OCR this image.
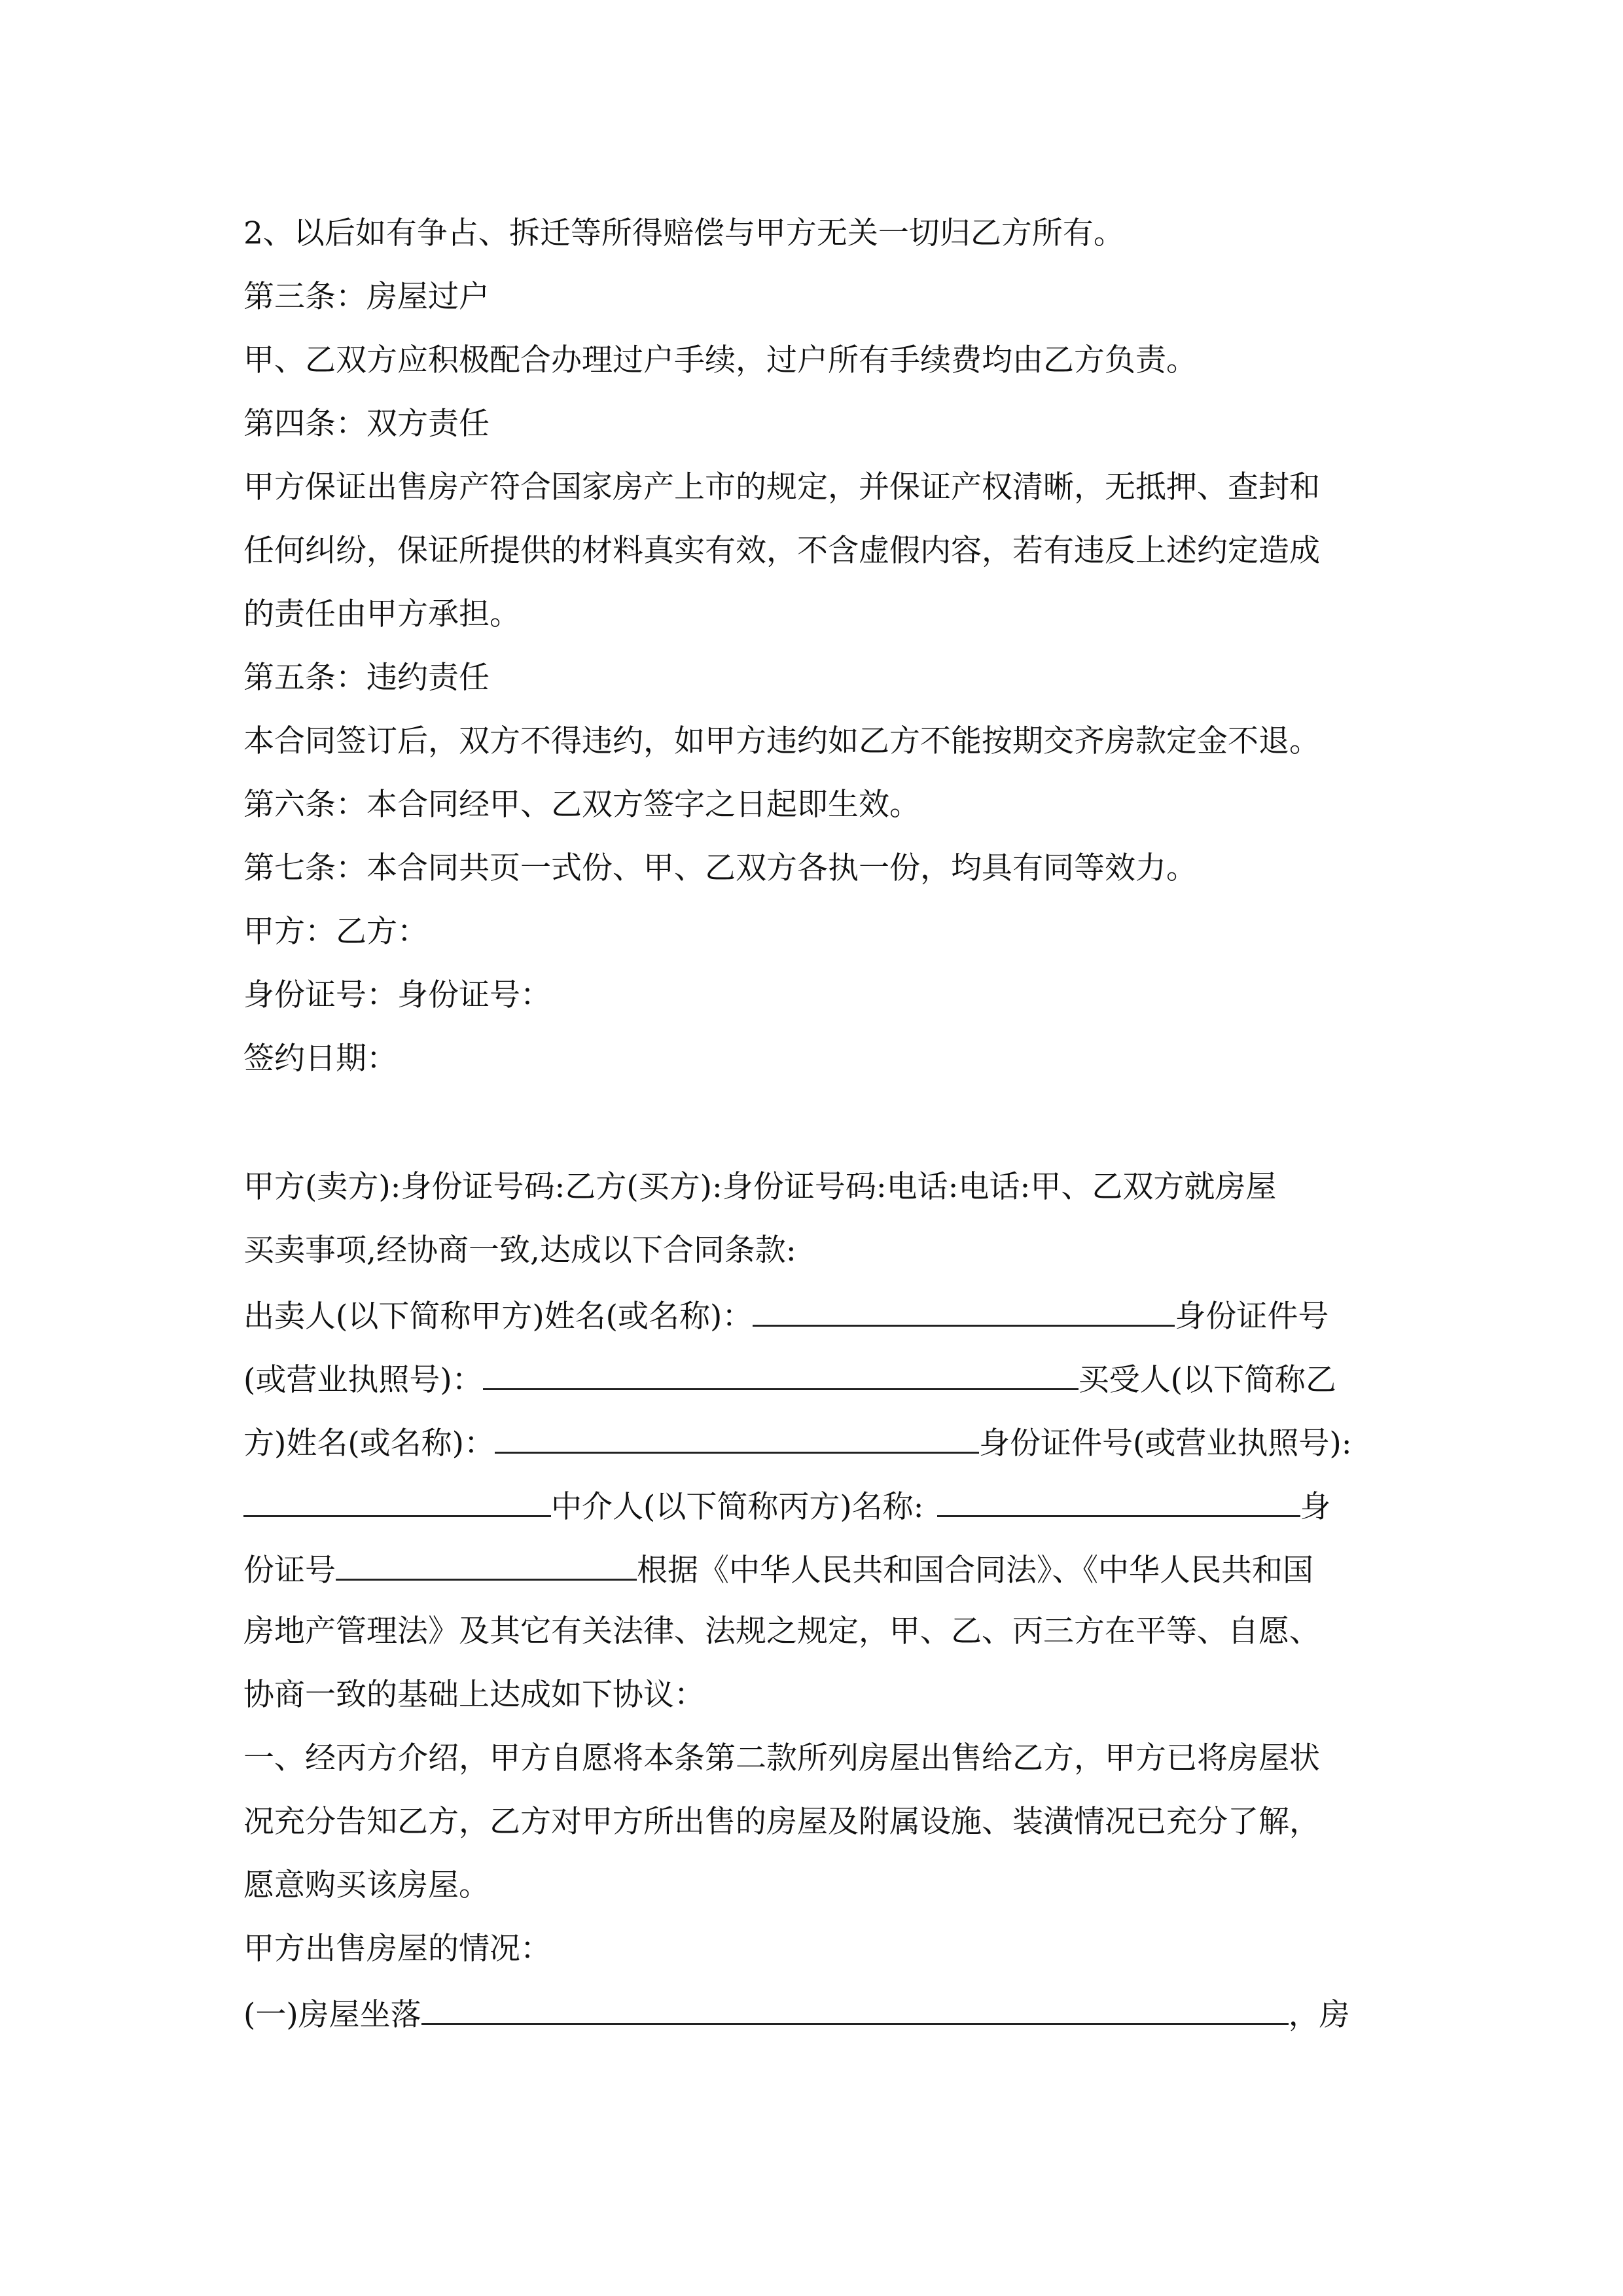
2、以后如有争占、拆迁等所得赔偿与甲方无关一切归乙方所有。

第三条：房屋过户

甲、乙双方应积极配合办理过户手续，过户所有手续费均由乙方负责。

第四条：双方责任

甲方保证出售房产符合国家房产上市的规定，并保证产权清晰，无抵押、查封和

任何纠纷，保证所提供的材料真实有效，不含虚假内容，若有违反上述约定造成

的责任由甲方承担。

第五条：违约责任

本合同签订后，双方不得违约，如甲方违约如乙方不能按期交齐房款定金不退。

第六条：本合同经甲、乙双方签字之日起即生效。

第七条：本合同共页一式份、甲、乙双方各执一份，均具有同等效力。

甲方：乙方：

身份证号：身份证号：

签约日期：

甲方(卖方):身份证号码:乙方(买方):身份证号码:电话:电话:甲、乙双方就房屋

买卖事项,经协商一致,达成以下合同条款:

出卖人(以下简称甲方)姓名(或名称)：	身份证件号

(或营业执照号)：	买受人(以下简称乙

方)姓名(或名称)：	身份证件号(或营业执照号):

中介人(以下简称丙方)名称:	身

份证号	根据《中华人民共和国合同法》、《中华人民共和国

房地产管理法》及其它有关法律、法规之规定，甲、乙、丙三方在平等、自愿、

协商一致的基础上达成如下协议：

一、经丙方介绍，甲方自愿将本条第二款所列房屋出售给乙方，甲方已将房屋状

况充分告知乙方，乙方对甲方所出售的房屋及附属设施、装潢情况已充分了解，

愿意购买该房屋。

甲方出售房屋的情况：

(一)房屋坐落	，房
